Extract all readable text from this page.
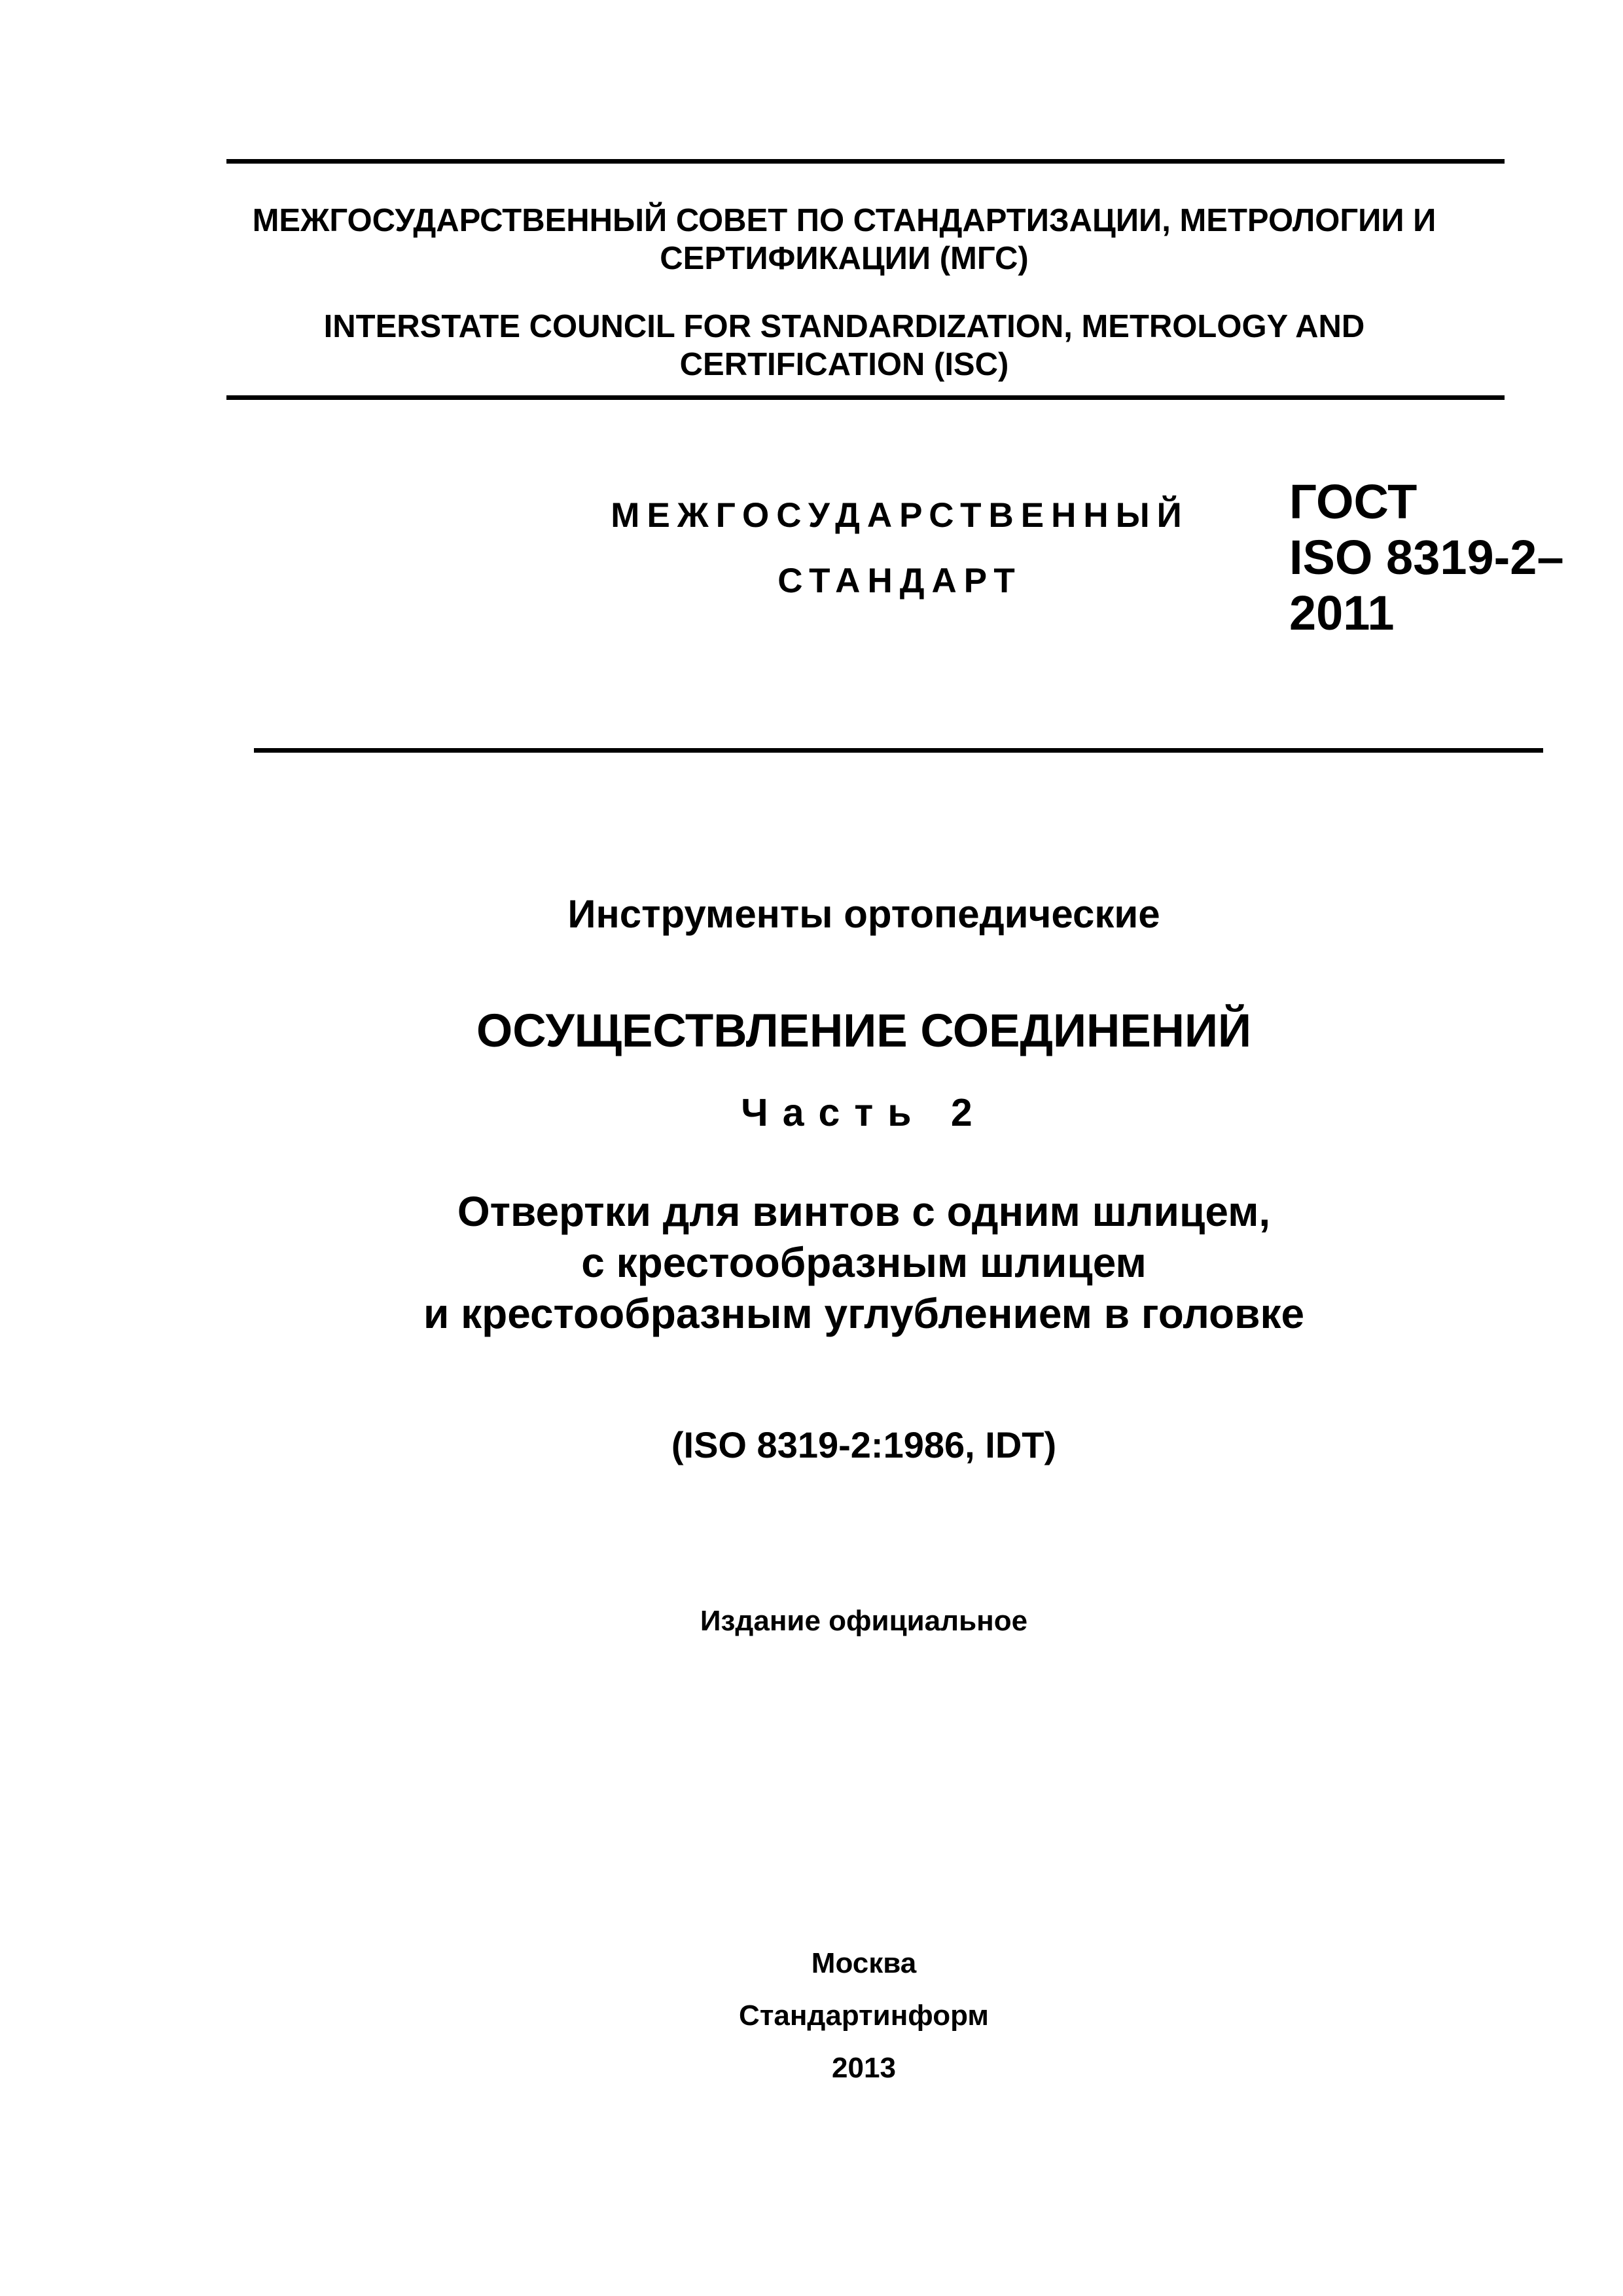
МЕЖГОСУДАРСТВЕННЫЙ СОВЕТ ПО СТАНДАРТИЗАЦИИ, МЕТРОЛОГИИ И
СЕРТИФИКАЦИИ (МГС)
INTERSTATE COUNCIL FOR STANDARDIZATION, METROLOGY AND
CERTIFICATION (ISC)
МЕЖГОСУДАРСТВЕННЫЙ
СТАНДАРТ
ГОСТ
ISO 8319-2–
2011
Инструменты ортопедические
ОСУЩЕСТВЛЕНИЕ СОЕДИНЕНИЙ
Часть 2
Отвертки для винтов с одним шлицем,
с крестообразным шлицем
и крестообразным углублением в головке
(ISO 8319-2:1986, IDT)
Издание официальное
Москва
Стандартинформ
2013
